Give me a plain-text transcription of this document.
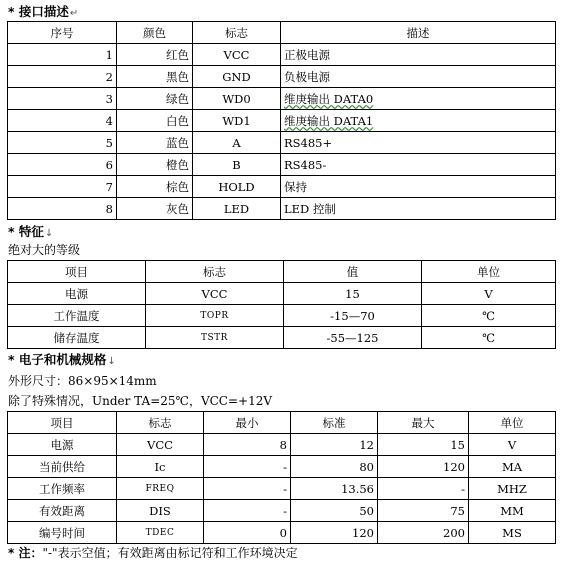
* 接口描述↵
序号	颜色	标志	描述
1	红色	VCC	正极电源
2	黑色	GND	负极电源
3	绿色	WD0	维庚输出 DATA0
4	白色	WD1	维庚输出 DATA1
5	蓝色	A	RS485+
6	橙色	B	RS485-
7	棕色	HOLD	保持
8	灰色	LED	LED 控制
* 特征↓
绝对大的等级
项目	标志	值	单位
电源	VCC	15	V
工作温度	TOPR	-15—70	℃
储存温度	TSTR	-55—125	℃
* 电子和机械规格↓
外形尺寸：86×95×14mm
除了特殊情况，Under TA=25℃，VCC=+12V
项目	标志	最小	标准	最大	单位
电源	VCC	8	12	15	V
当前供给	Ic	-	80	120	MA
工作频率	FREQ	-	13.56	-	MHZ
有效距离	DIS	-	50	75	MM
编号时间	TDEC	0	120	200	MS
* 注："-"表示空值；有效距离由标记符和工作环境决定
